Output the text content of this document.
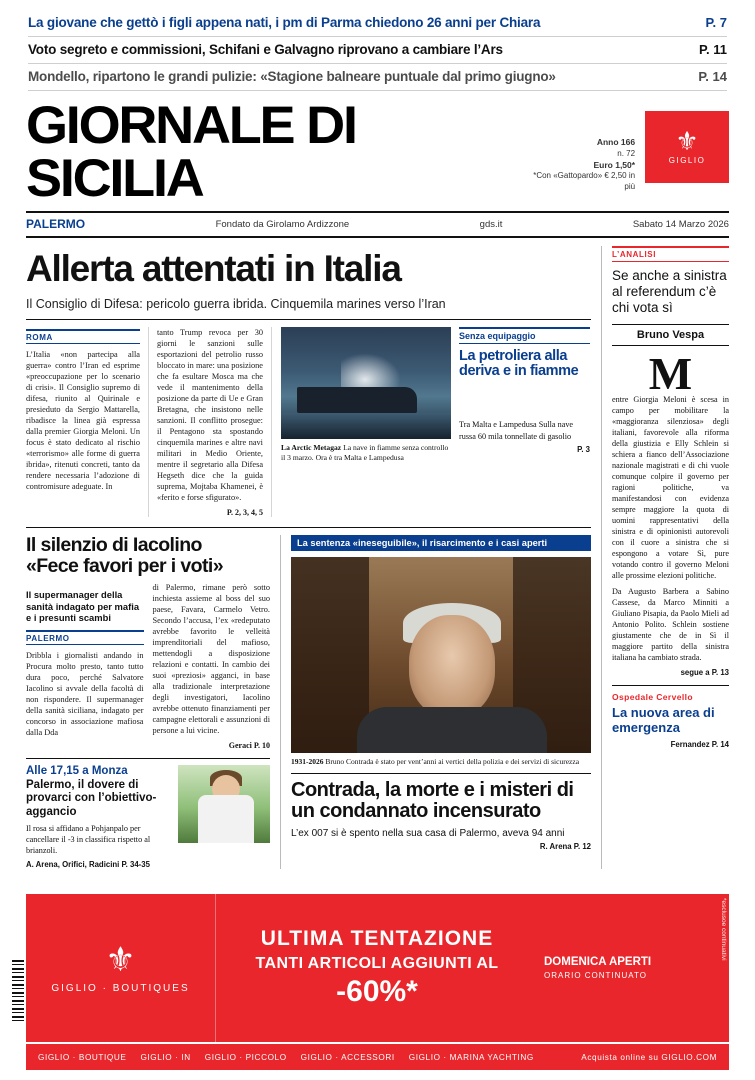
La giovane che gettò i figli appena nati, i pm di Parma chiedono 26 anni per Chiara	P. 7
Voto segreto e commissioni, Schifani e Galvagno riprovano a cambiare l’Ars	P. 11
Mondello, ripartono le grandi pulizie: «Stagione balneare puntuale dal primo giugno»	P. 14
GIORNALE DI SICILIA
Anno 166
n. 72
Euro 1,50*
*Con «Gattopardo» € 2,50 in più
⚜
GIGLIO
PALERMO	Fondato da Girolamo Ardizzone	gds.it	Sabato 14 Marzo 2026
Allerta attentati in Italia
Il Consiglio di Difesa: pericolo guerra ibrida. Cinquemila marines verso l’Iran
ROMA
L’Italia «non partecipa alla guerra» contro l’Iran ed esprime «preoccupazione per lo scenario di crisi». Il Consiglio supremo di difesa, riunito al Quirinale e presieduto da Sergio Mattarella, ribadisce la linea già espressa dalla premier Giorgia Meloni. Un focus è stato dedicato al rischio «terrorismo» alle forme di guerra ibrida», ritenuti concreti, tanto da rendere necessaria l’adozione di contromisure adeguate. In
tanto Trump revoca per 30 giorni le sanzioni sulle esportazioni del petrolio russo bloccato in mare: una posizione che fa esultare Mosca ma che vede il mantenimento della posizione da parte di Ue e Gran Bretagna, che insistono nelle sanzioni. Il conflitto prosegue: il Pentagono sta spostando cinquemila marines e altre navi militari in Medio Oriente, mentre il segretario alla Difesa Hegseth dice che la guida suprema, Mojtaba Khamenei, è «ferito e forse sfigurato».
P. 2, 3, 4, 5
La Arctic Metagaz La nave in fiamme senza controllo il 3 marzo. Ora è tra Malta e Lampedusa
Senza equipaggio
La petroliera alla deriva e in fiamme
Tra Malta e Lampedusa Sulla nave russa 60 mila tonnellate di gasolio
P. 3
Il silenzio di Iacolino
«Fece favori per i voti»
Il supermanager della sanità indagato per mafia e i presunti scambi
PALERMO
Dribbla i giornalisti andando in Procura molto presto, tanto tutto dura poco, perché Salvatore Iacolino si avvale della facoltà di non rispondere. Il supermanager della sanità siciliana, indagato per concorso in associazione mafiosa dalla Dda
di Palermo, rimane però sotto inchiesta assieme al boss del suo paese, Favara, Carmelo Vetro. Secondo l’accusa, l’ex «redeputato avrebbe favorito le velleità imprenditoriali del mafioso, mettendogli a disposizione relazioni e contatti. In cambio dei suoi «preziosi» agganci, in base alla tradizionale interpretazione degli investigatori, Iacolino avrebbe ottenuto finanziamenti per campagne elettorali e assunzioni di persone a lui vicine.
Geraci P. 10
Alle 17,15 a Monza
Palermo, il dovere di provarci con l’obiettivo-aggancio
Il rosa si affidano a Pohjanpalo per cancellare il -3 in classifica rispetto al brianzoli.
A. Arena, Orifici, Radicini P. 34-35
La sentenza «ineseguibile», il risarcimento e i casi aperti
1931-2026 Bruno Contrada è stato per vent’anni ai vertici della polizia e dei servizi di sicurezza
Contrada, la morte e i misteri di un condannato incensurato
L’ex 007 si è spento nella sua casa di Palermo, aveva 94 anni
R. Arena P. 12
L’ANALISI
Se anche a sinistra al referendum c’è chi vota sì
Bruno Vespa
M
entre Giorgia Meloni è scesa in campo per mobilitare la «maggioranza silenziosa» degli italiani, favorevole alla riforma della giustizia e Elly Schlein si schiera a fianco dell’Associazione nazionale magistrati e di chi vuole comunque colpire il governo per ragioni politiche, va manifestandosi con evidenza sempre maggiore la quota di uomini rappresentativi della sinistra e di opinionisti autorevoli con il cuore a sinistra che si espongono a votare Sì, pure votando contro il governo Meloni alle prossime elezioni politiche.
Da Augusto Barbera a Sabino Cassese, da Marco Minniti a Giuliano Pisapia, da Paolo Mieli ad Antonio Polito. Schlein sostiene giustamente che de in Sì il maggiore partito della sinistra italiana ha cambiato strada.
segue a P. 13
Ospedale Cervello
La nuova area di emergenza
Fernandez P. 14
⚜
GIGLIO · BOUTIQUES
ULTIMA TENTAZIONE
TANTI ARTICOLI AGGIUNTI AL
-60%*
DOMENICA APERTI
ORARIO CONTINUATO
*esclusoe continuativi
GIGLIO · BOUTIQUE GIGLIO · IN GIGLIO · PICCOLO GIGLIO · ACCESSORI GIGLIO · MARINA YACHTING	Acquista online su GIGLIO.COM
